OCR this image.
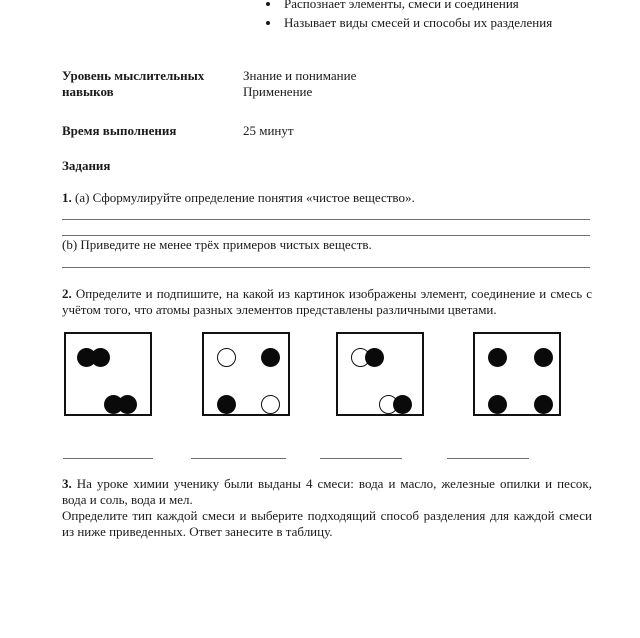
Распознает элементы, смеси и соединения
Называет виды смесей и способы их разделения
Уровень мыслительных
навыков
Знание и понимание
Применение
Время выполнения	25 минут
Задания
1. (a) Сформулируйте определение понятия «чистое вещество».
(b) Приведите не менее трёх примеров чистых веществ.
2. Определите и подпишите, на какой из картинок изображены элемент, соединение и смесь с учётом того, что атомы разных элементов представлены различными цветами.
3. На уроке химии ученику были выданы 4 смеси: вода и масло, железные опилки и песок, вода и соль, вода и мел.
Определите тип каждой смеси и выберите подходящий способ разделения для каждой смеси из ниже приведенных. Ответ занесите в таблицу.
